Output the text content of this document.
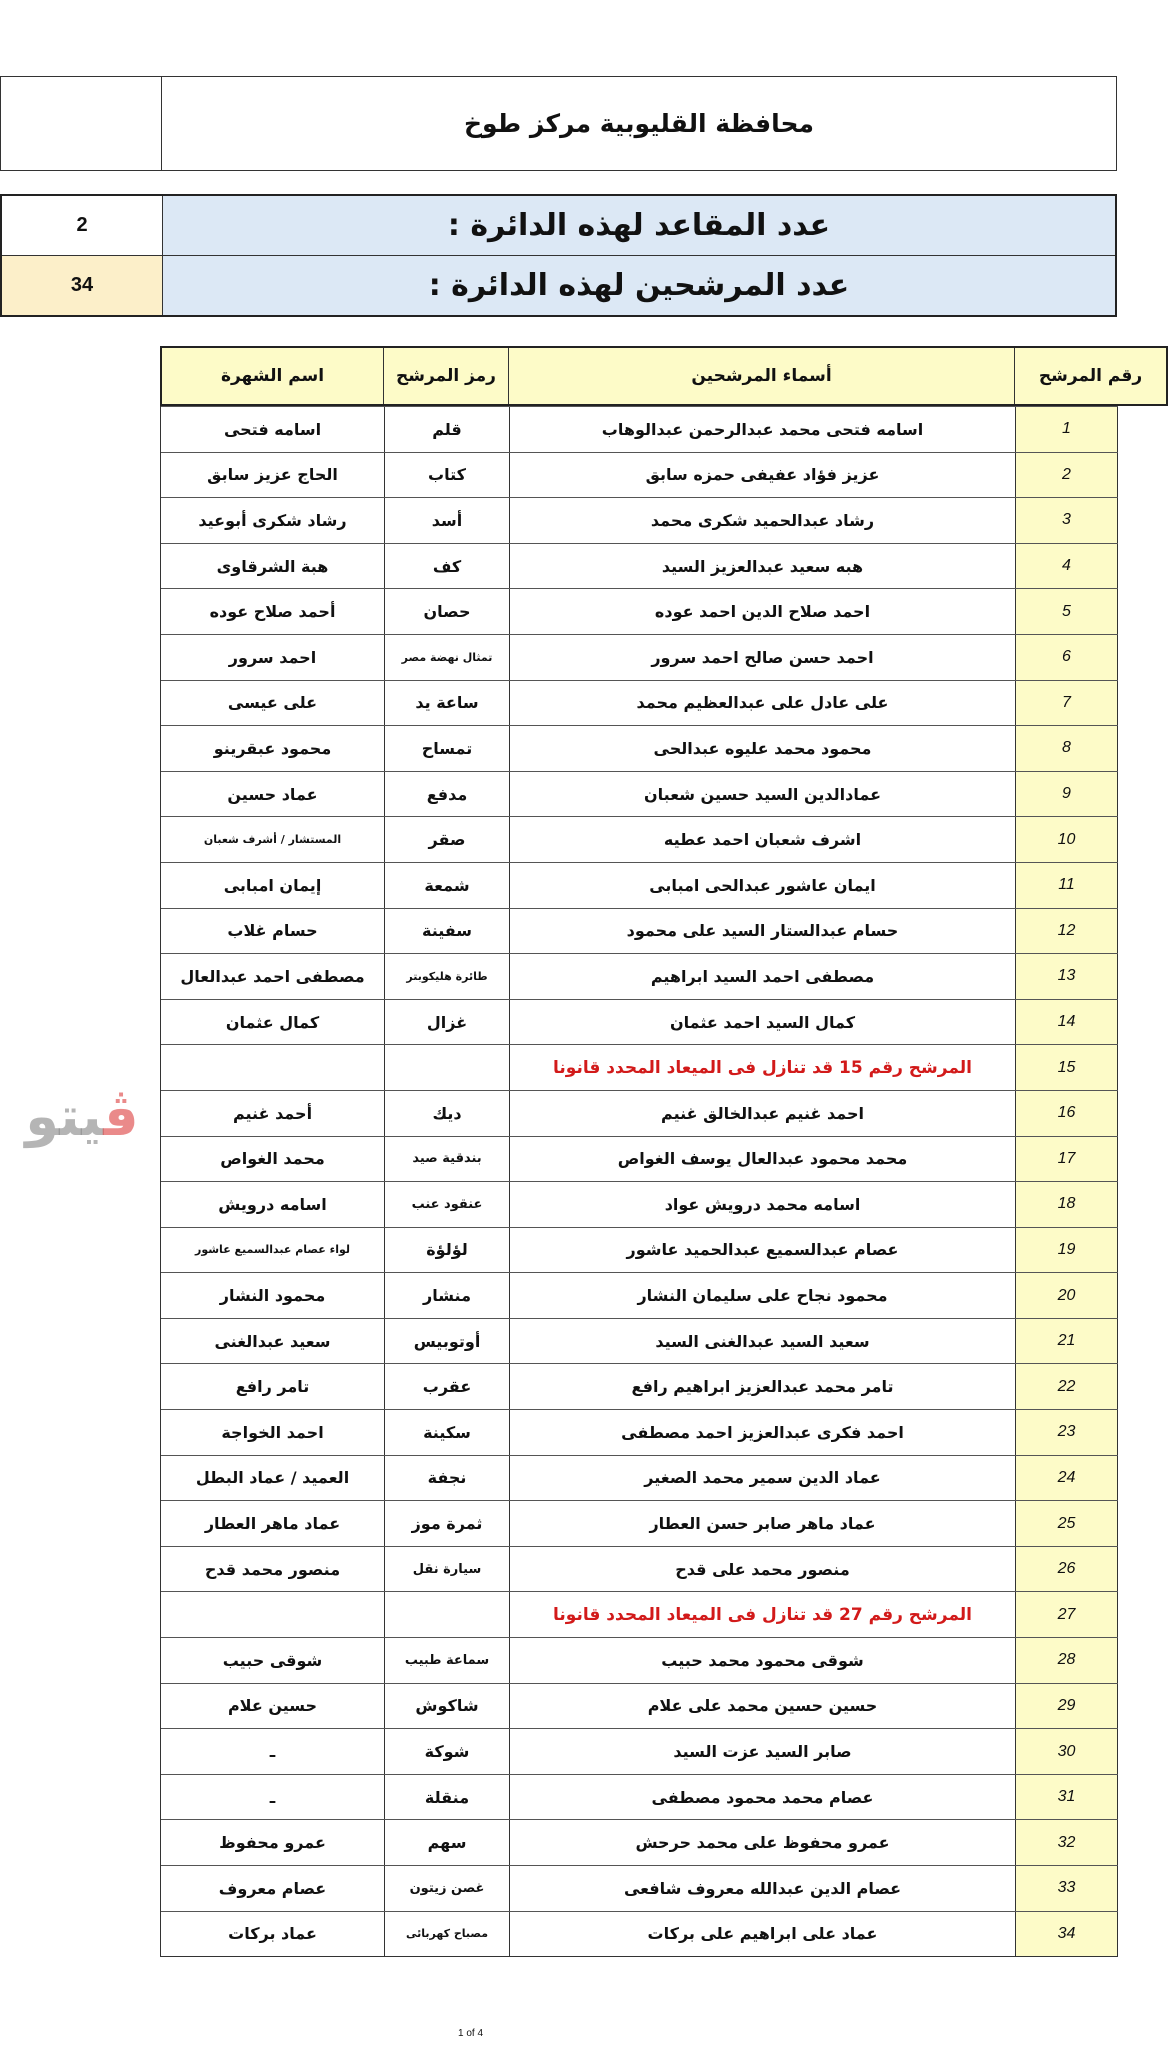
محافظة القليوبية مركز طوخ
2	عدد المقاعد لهذه الدائرة :
34	عدد المرشحين لهذه الدائرة :
رقم المرشح
أسماء المرشحين
رمز المرشح
اسم الشهرة
1
اسامه فتحى محمد عبدالرحمن عبدالوهاب
قلم
اسامه فتحى
2
عزيز فؤاد عفيفى حمزه سابق
كتاب
الحاج عزيز سابق
3
رشاد عبدالحميد شكرى محمد
أسد
رشاد شكرى أبوعيد
4
هبه سعيد عبدالعزيز السيد
كف
هبة الشرقاوى
5
احمد صلاح الدين احمد عوده
حصان
أحمد صلاح عوده
6
احمد حسن صالح احمد سرور
تمثال نهضة مصر
احمد سرور
7
على عادل على عبدالعظيم محمد
ساعة يد
على عيسى
8
محمود محمد عليوه عبدالحى
تمساح
محمود عبقرينو
9
عمادالدين السيد حسين شعبان
مدفع
عماد حسين
10
اشرف شعبان احمد عطيه
صقر
المستشار / أشرف شعبان
11
ايمان عاشور عبدالحى امبابى
شمعة
إيمان امبابى
12
حسام عبدالستار السيد على محمود
سفينة
حسام غلاب
13
مصطفى احمد السيد ابراهيم
طائرة هليكوبتر
مصطفى احمد عبدالعال
14
كمال السيد احمد عثمان
غزال
كمال عثمان
15
المرشح رقم 15 قد تنازل فى الميعاد المحدد قانونا
16
احمد غنيم عبدالخالق غنيم
ديك
أحمد غنيم
17
محمد محمود عبدالعال يوسف الغواص
بندقية صيد
محمد الغواص
18
اسامه محمد درويش عواد
عنقود عنب
اسامه درويش
19
عصام عبدالسميع عبدالحميد عاشور
لؤلؤة
لواء عصام عبدالسميع عاشور
20
محمود نجاح على سليمان النشار
منشار
محمود النشار
21
سعيد السيد عبدالغنى السيد
أوتوبيس
سعيد عبدالغنى
22
تامر محمد عبدالعزيز ابراهيم رافع
عقرب
تامر رافع
23
احمد فكرى عبدالعزيز احمد مصطفى
سكينة
احمد الخواجة
24
عماد الدين سمير محمد الصغير
نجفة
العميد / عماد البطل
25
عماد ماهر صابر حسن العطار
ثمرة موز
عماد ماهر العطار
26
منصور محمد على قدح
سيارة نقل
منصور محمد قدح
27
المرشح رقم 27 قد تنازل فى الميعاد المحدد قانونا
28
شوقى محمود محمد حبيب
سماعة طبيب
شوقى حبيب
29
حسين حسين محمد على علام
شاكوش
حسين علام
30
صابر السيد عزت السيد
شوكة
ـ
31
عصام محمد محمود مصطفى
منقلة
ـ
32
عمرو محفوظ على محمد حرحش
سهم
عمرو محفوظ
33
عصام الدين عبدالله معروف شافعى
غصن زيتون
عصام معروف
34
عماد على ابراهيم على بركات
مصباح كهربائى
عماد بركات
ڤيتو
1 of 4
